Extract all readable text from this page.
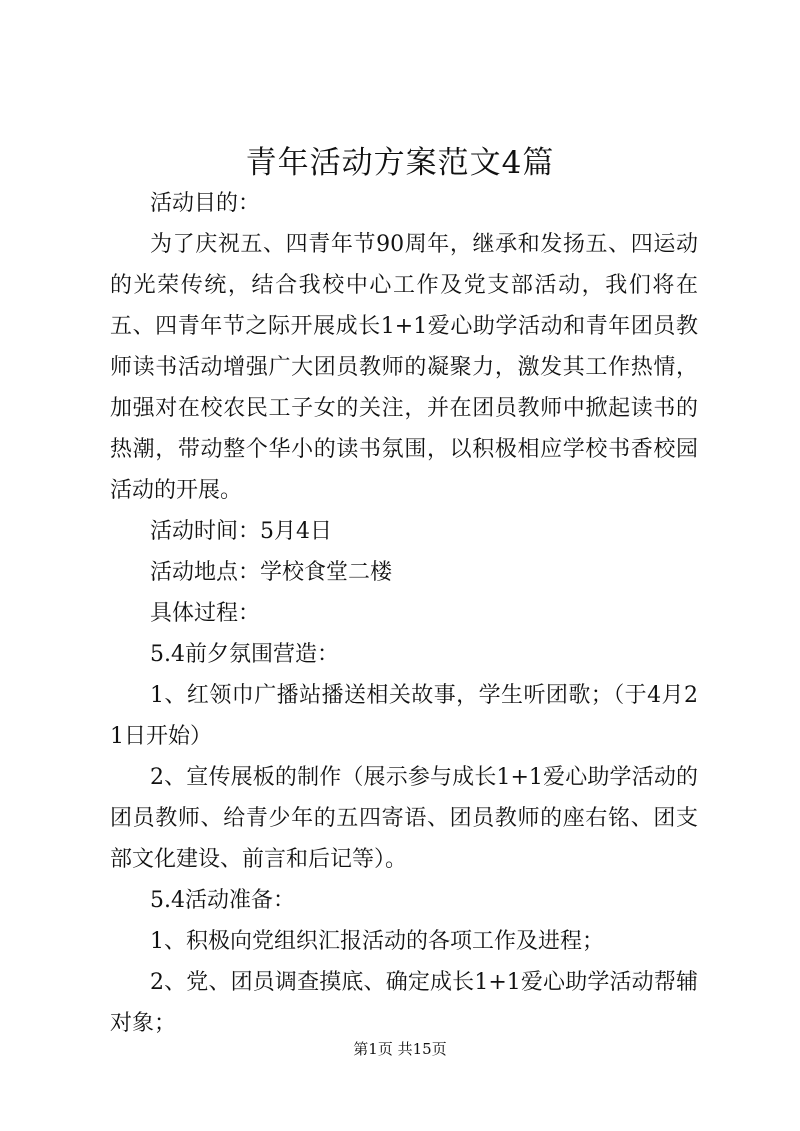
青年活动方案范文4篇

活动目的：

为了庆祝五、四青年节90周年，继承和发扬五、四运动的光荣传统，结合我校中心工作及党支部活动，我们将在五、四青年节之际开展成长1+1爱心助学活动和青年团员教师读书活动增强广大团员教师的凝聚力，激发其工作热情，加强对在校农民工子女的关注，并在团员教师中掀起读书的热潮，带动整个华小的读书氛围，以积极相应学校书香校园活动的开展。

活动时间：5月4日

活动地点：学校食堂二楼

具体过程：

5.4前夕氛围营造：

1、红领巾广播站播送相关故事，学生听团歌；（于4月21日开始）

2、宣传展板的制作（展示参与成长1+1爱心助学活动的团员教师、给青少年的五四寄语、团员教师的座右铭、团支部文化建设、前言和后记等）。

5.4活动准备：

1、积极向党组织汇报活动的各项工作及进程；

2、党、团员调查摸底、确定成长1+1爱心助学活动帮辅对象；

第1页 共15页
